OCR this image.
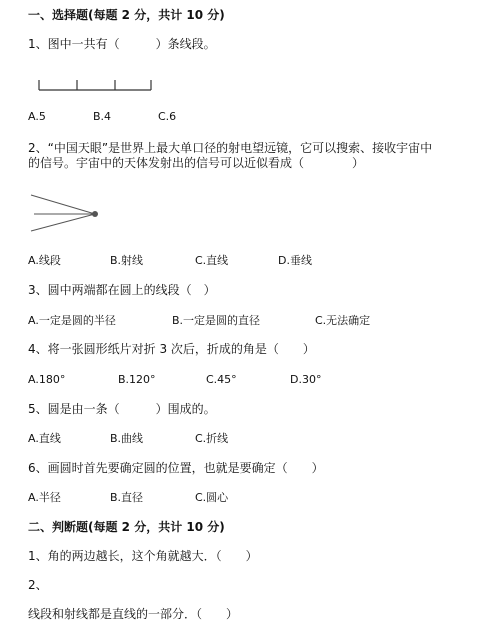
一、选择题(每题 2 分，共计 10 分)
1、图中一共有（　　　）条线段。
A.5	B.4	C.6
2、“中国天眼”是世界上最大单口径的射电望远镜，它可以搜索、接收宇宙中
的信号。宇宙中的天体发射出的信号可以近似看成（　　　　）
A.线段	B.射线	C.直线	D.垂线
3、圆中两端都在圆上的线段（　）
A.一定是圆的半径	B.一定是圆的直径	C.无法确定
4、将一张圆形纸片对折 3 次后，折成的角是（　　）
A.180°	B.120°	C.45°	D.30°
5、圆是由一条（　　　）围成的。
A.直线	B.曲线	C.折线
6、画圆时首先要确定圆的位置，也就是要确定（　　）
A.半径	B.直径	C.圆心
二、判断题(每题 2 分，共计 10 分)
1、角的两边越长，这个角就越大．（　　）
2、
线段和射线都是直线的一部分．（　　）
